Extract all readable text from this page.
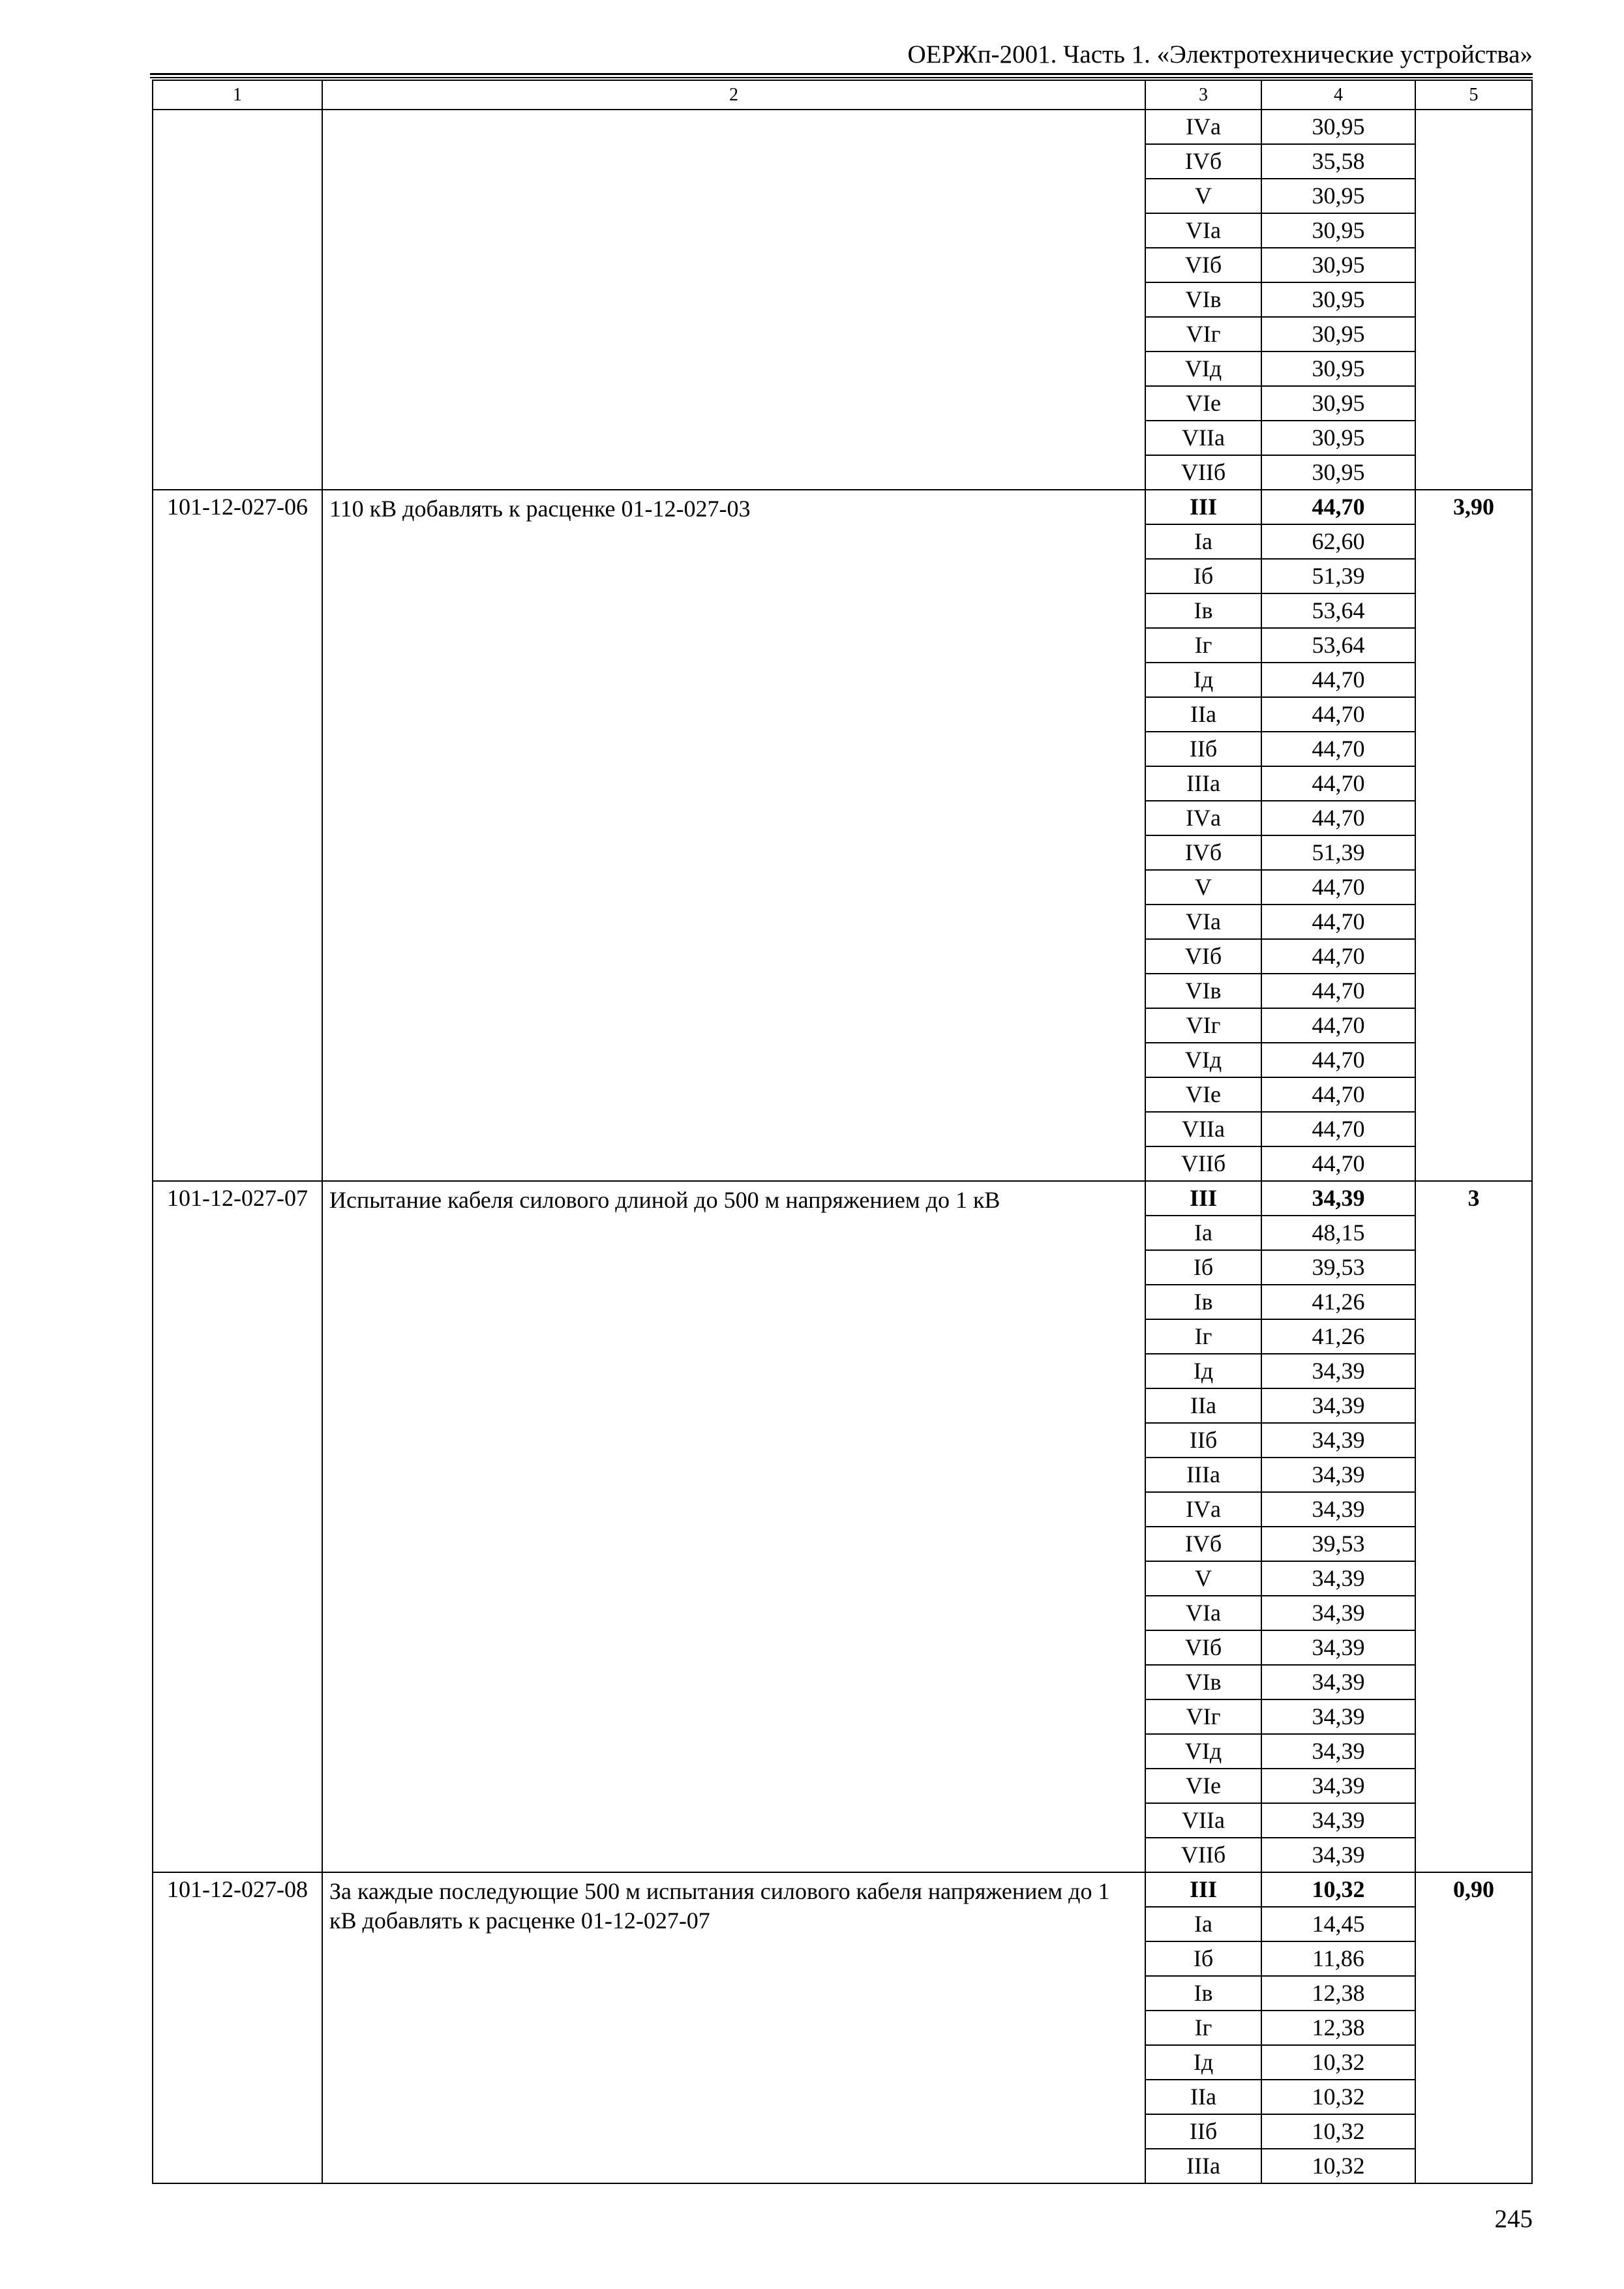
ОЕРЖп-2001. Часть 1. «Электротехнические устройства»
1	2	3	4	5
		IVа	30,95	
		IVб	35,58	
		V	30,95	
		VIа	30,95	
		VIб	30,95	
		VIв	30,95	
		VIг	30,95	
		VIд	30,95	
		VIе	30,95	
		VIIа	30,95	
		VIIб	30,95	
101-12-027-06	110 кВ добавлять к расценке 01-12-027-03	III	44,70	3,90
		Iа	62,60	
		Iб	51,39	
		Iв	53,64	
		Iг	53,64	
		Iд	44,70	
		IIа	44,70	
		IIб	44,70	
		IIIа	44,70	
		IVа	44,70	
		IVб	51,39	
		V	44,70	
		VIа	44,70	
		VIб	44,70	
		VIв	44,70	
		VIг	44,70	
		VIд	44,70	
		VIе	44,70	
		VIIа	44,70	
		VIIб	44,70	
101-12-027-07	Испытание кабеля силового длиной до 500 м напряжением до 1 кВ	III	34,39	3
		Iа	48,15	
		Iб	39,53	
		Iв	41,26	
		Iг	41,26	
		Iд	34,39	
		IIа	34,39	
		IIб	34,39	
		IIIа	34,39	
		IVа	34,39	
		IVб	39,53	
		V	34,39	
		VIа	34,39	
		VIб	34,39	
		VIв	34,39	
		VIг	34,39	
		VIд	34,39	
		VIе	34,39	
		VIIа	34,39	
		VIIб	34,39	
101-12-027-08	За каждые последующие 500 м испытания силового кабеля напряжением до 1 кВ добавлять к расценке 01-12-027-07	III	10,32	0,90
		Iа	14,45	
		Iб	11,86	
		Iв	12,38	
		Iг	12,38	
		Iд	10,32	
		IIа	10,32	
		IIб	10,32	
		IIIа	10,32	
245
